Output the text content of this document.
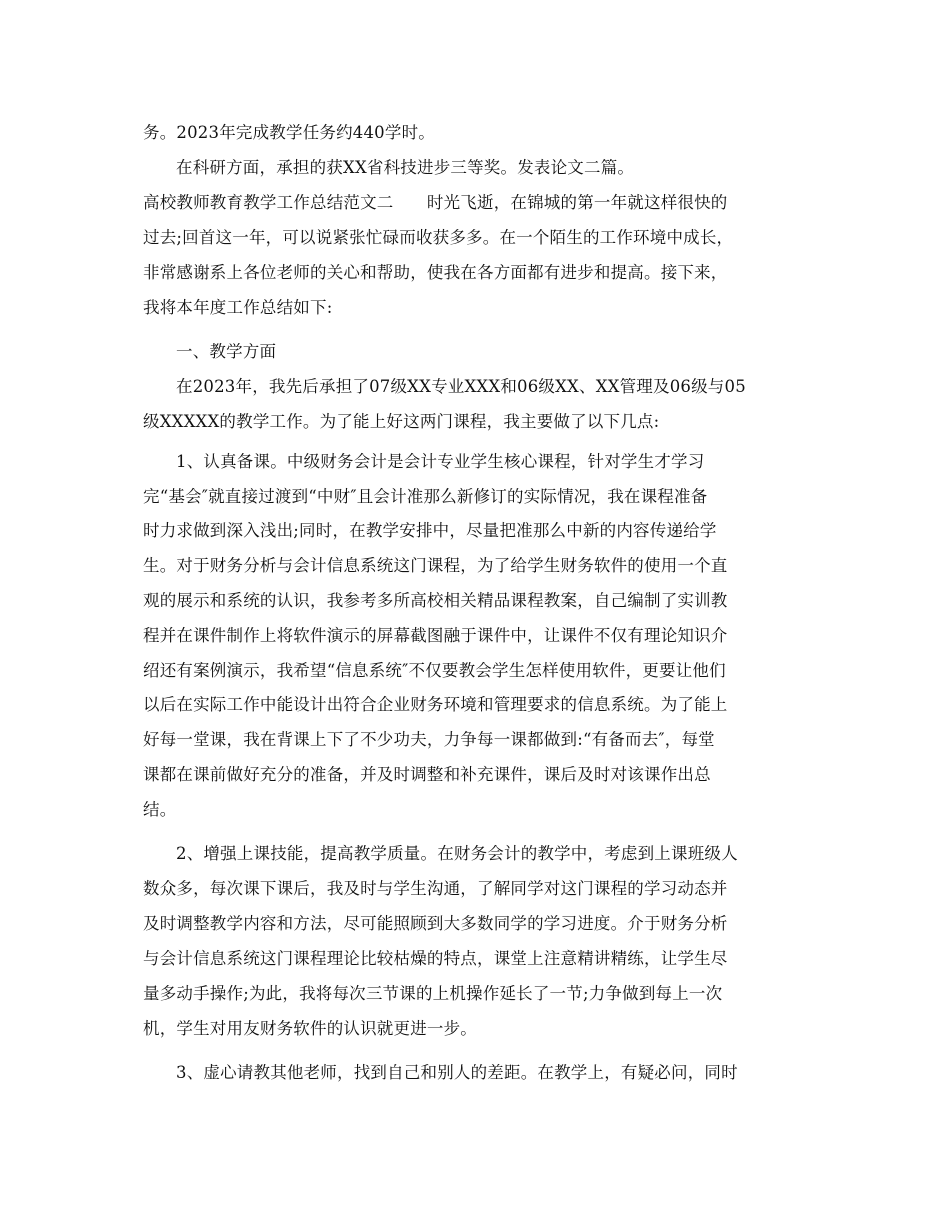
务。2023年完成教学任务约440学时。
在科研方面，承担的获XX省科技进步三等奖。发表论文二篇。
高校教师教育教学工作总结范文二　　时光飞逝，在锦城的第一年就这样很快的
过去;回首这一年，可以说紧张忙碌而收获多多。在一个陌生的工作环境中成长，
非常感谢系上各位老师的关心和帮助，使我在各方面都有进步和提高。接下来，
我将本年度工作总结如下:
一、教学方面
在2023年，我先后承担了07级XX专业XXX和06级XX、XX管理及06级与05
级XXXXX的教学工作。为了能上好这两门课程，我主要做了以下几点:
1、认真备课。中级财务会计是会计专业学生核心课程，针对学生才学习
完“基会″就直接过渡到“中财″且会计准那么新修订的实际情况，我在课程准备
时力求做到深入浅出;同时，在教学安排中，尽量把准那么中新的内容传递给学
生。对于财务分析与会计信息系统这门课程，为了给学生财务软件的使用一个直
观的展示和系统的认识，我参考多所高校相关精品课程教案，自己编制了实训教
程并在课件制作上将软件演示的屏幕截图融于课件中，让课件不仅有理论知识介
绍还有案例演示，我希望“信息系统″不仅要教会学生怎样使用软件，更要让他们
以后在实际工作中能设计出符合企业财务环境和管理要求的信息系统。为了能上
好每一堂课，我在背课上下了不少功夫，力争每一课都做到:“有备而去″，每堂
课都在课前做好充分的准备，并及时调整和补充课件，课后及时对该课作出总
结。
2、增强上课技能，提高教学质量。在财务会计的教学中，考虑到上课班级人
数众多，每次课下课后，我及时与学生沟通，了解同学对这门课程的学习动态并
及时调整教学内容和方法，尽可能照顾到大多数同学的学习进度。介于财务分析
与会计信息系统这门课程理论比较枯燥的特点，课堂上注意精讲精练，让学生尽
量多动手操作;为此，我将每次三节课的上机操作延长了一节;力争做到每上一次
机，学生对用友财务软件的认识就更进一步。
3、虚心请教其他老师，找到自己和别人的差距。在教学上，有疑必问，同时
